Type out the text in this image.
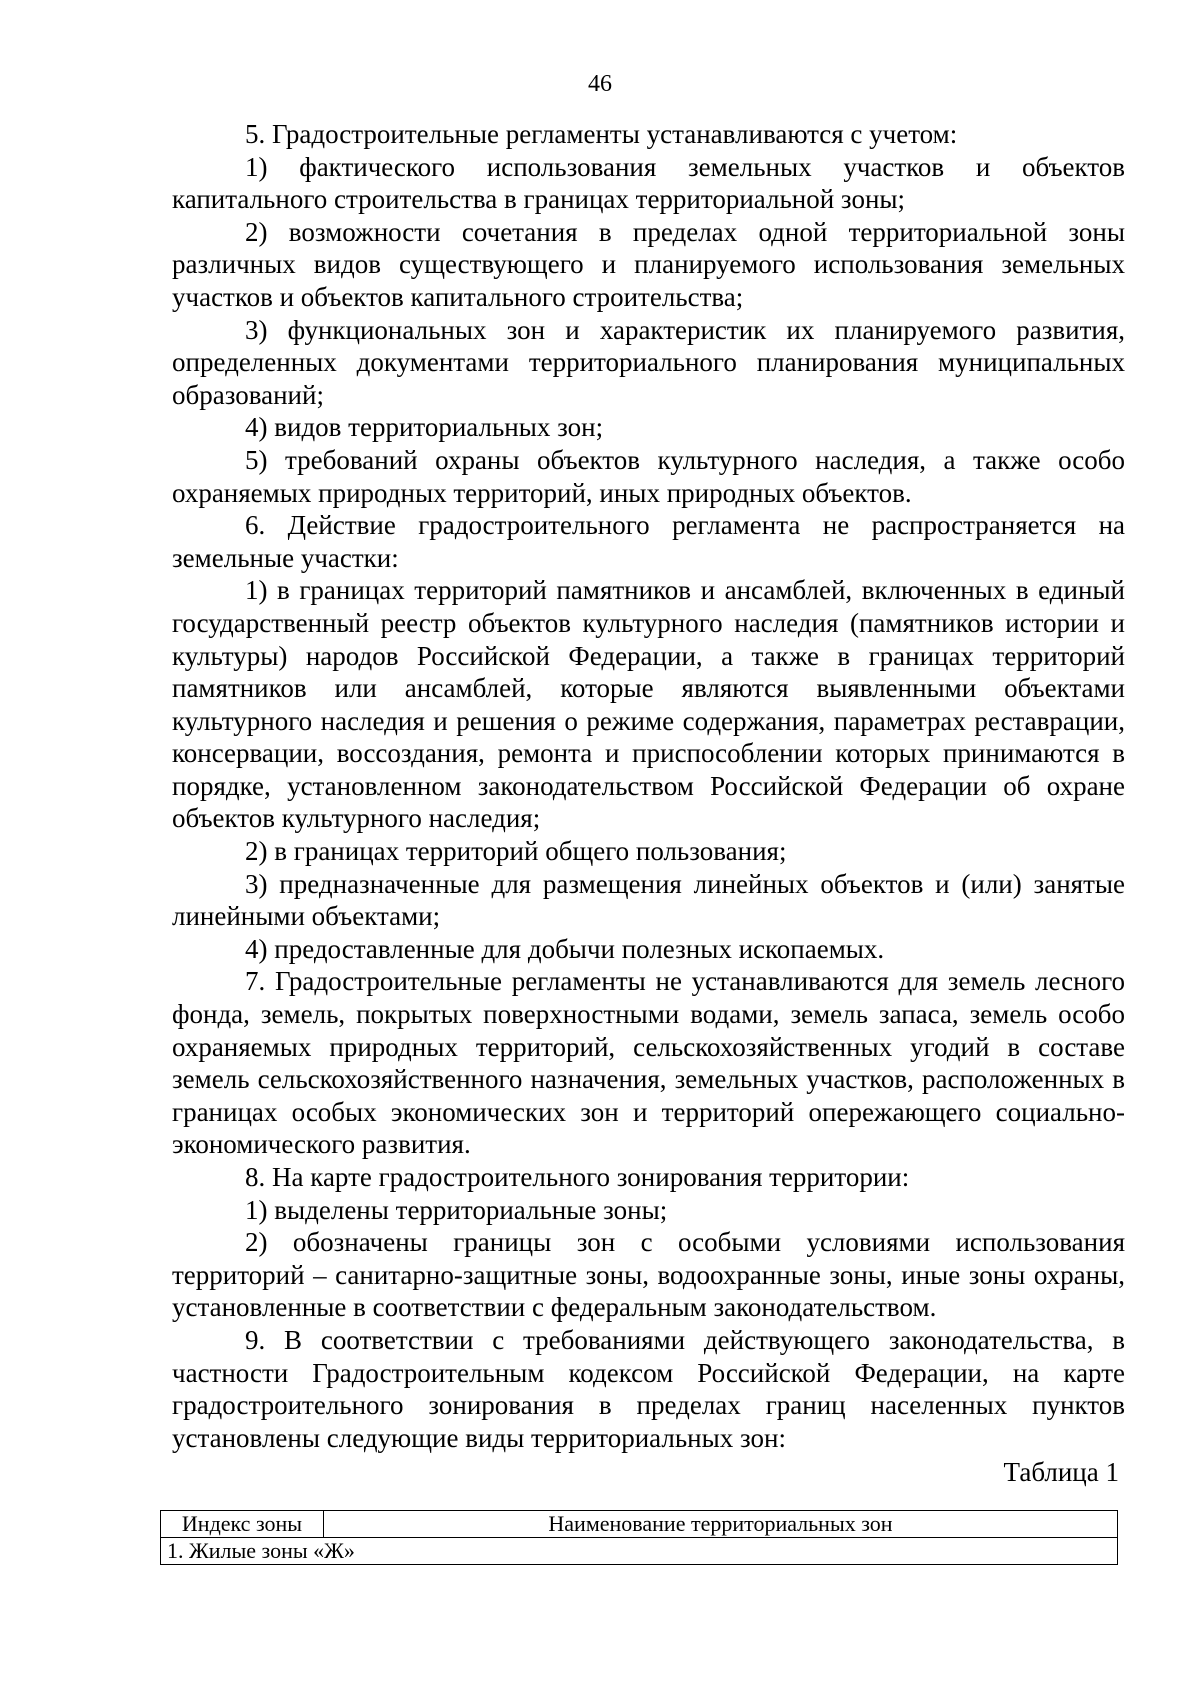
46

5. Градостроительные регламенты устанавливаются с учетом:

1) фактического использования земельных участков и объектов капитального строительства в границах территориальной зоны;

2) возможности сочетания в пределах одной территориальной зоны различных видов существующего и планируемого использования земельных участков и объектов капитального строительства;

3) функциональных зон и характеристик их планируемого развития, определенных документами территориального планирования муниципальных образований;

4) видов территориальных зон;

5) требований охраны объектов культурного наследия, а также особо охраняемых природных территорий, иных природных объектов.

6. Действие градостроительного регламента не распространяется на земельные участки:

1) в границах территорий памятников и ансамблей, включенных в единый государственный реестр объектов культурного наследия (памятников истории и культуры) народов Российской Федерации, а также в границах территорий памятников или ансамблей, которые являются выявленными объектами культурного наследия и решения о режиме содержания, параметрах реставрации, консервации, воссоздания, ремонта и приспособлении которых принимаются в порядке, установленном законодательством Российской Федерации об охране объектов культурного наследия;

2) в границах территорий общего пользования;

3) предназначенные для размещения линейных объектов и (или) занятые линейными объектами;

4) предоставленные для добычи полезных ископаемых.

7. Градостроительные регламенты не устанавливаются для земель лесного фонда, земель, покрытых поверхностными водами, земель запаса, земель особо охраняемых природных территорий, сельскохозяйственных угодий в составе земель сельскохозяйственного назначения, земельных участков, расположенных в границах особых экономических зон и территорий опережающего социально-экономического развития.

8. На карте градостроительного зонирования территории:

1) выделены территориальные зоны;

2) обозначены границы зон с особыми условиями использования территорий – санитарно-защитные зоны, водоохранные зоны, иные зоны охраны, установленные в соответствии с федеральным законодательством.

9. В соответствии с требованиями действующего законодательства, в частности Градостроительным кодексом Российской Федерации, на карте градостроительного зонирования в пределах границ населенных пунктов установлены следующие виды территориальных зон:

Таблица 1
Индекс зоны	Наименование территориальных зон
1. Жилые зоны «Ж»
